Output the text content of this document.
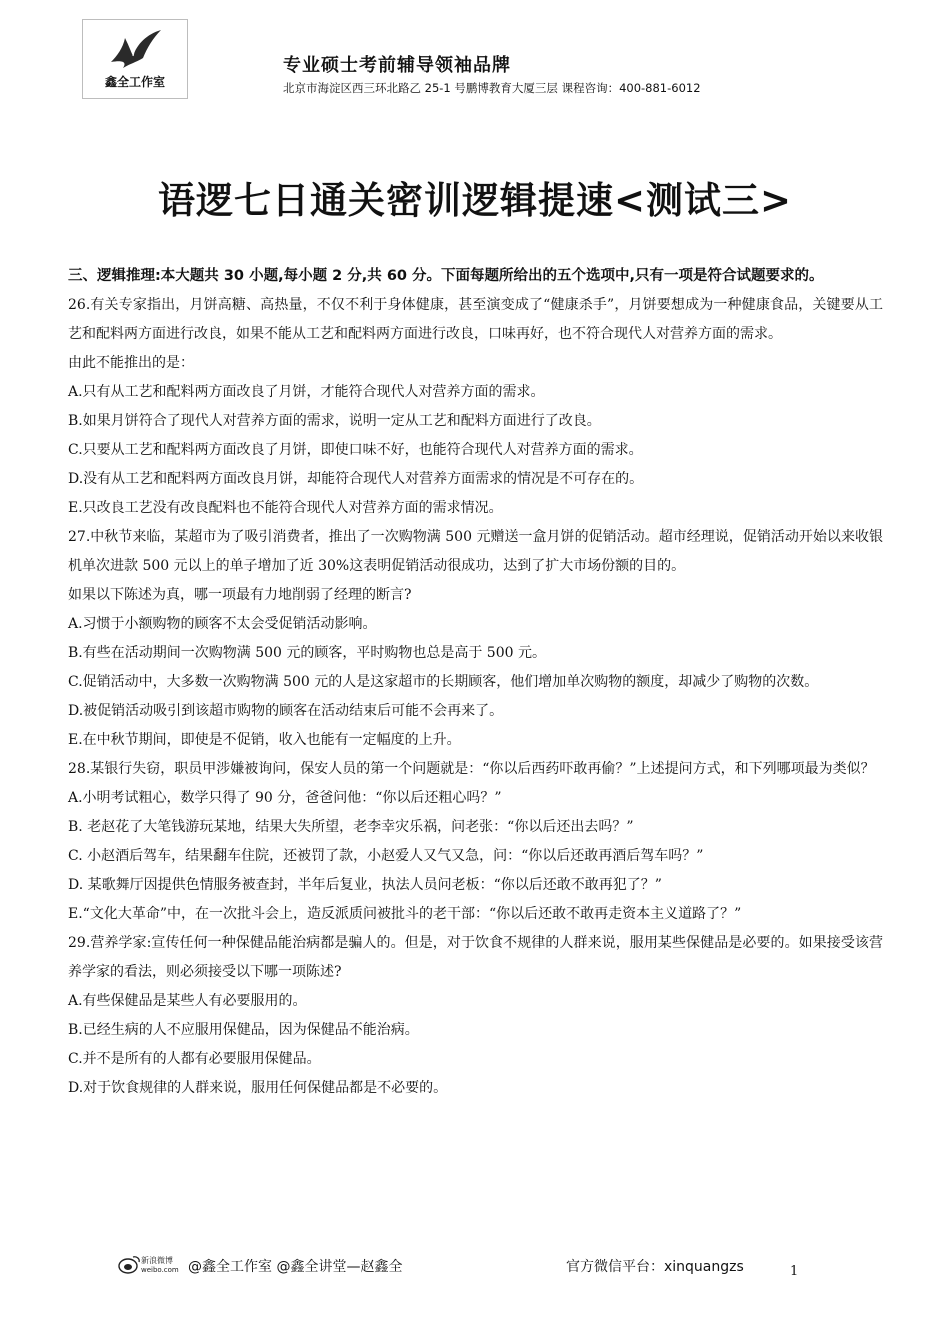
鑫全工作室
专业硕士考前辅导领袖品牌
北京市海淀区西三环北路乙 25-1 号鹏博教育大厦三层 课程咨询：400-881-6012
语逻七日通关密训逻辑提速<测试三>
三、逻辑推理:本大题共 30 小题,每小题 2 分,共 60 分。下面每题所给出的五个选项中,只有一项是符合试题要求的。

26.有关专家指出，月饼高糖、高热量，不仅不利于身体健康，甚至演变成了“健康杀手”，月饼要想成为一种健康食品，关键要从工艺和配料两方面进行改良，如果不能从工艺和配料两方面进行改良，口味再好，也不符合现代人对营养方面的需求。

由此不能推出的是：

A.只有从工艺和配料两方面改良了月饼，才能符合现代人对营养方面的需求。

B.如果月饼符合了现代人对营养方面的需求，说明一定从工艺和配料方面进行了改良。

C.只要从工艺和配料两方面改良了月饼，即使口味不好，也能符合现代人对营养方面的需求。

D.没有从工艺和配料两方面改良月饼，却能符合现代人对营养方面需求的情况是不可存在的。

E.只改良工艺没有改良配料也不能符合现代人对营养方面的需求情况。

27.中秋节来临，某超市为了吸引消费者，推出了一次购物满 500 元赠送一盒月饼的促销活动。超市经理说，促销活动开始以来收银机单次进款 500 元以上的单子增加了近 30%这表明促销活动很成功，达到了扩大市场份额的目的。

如果以下陈述为真，哪一项最有力地削弱了经理的断言?

A.习惯于小额购物的顾客不太会受促销活动影响。

B.有些在活动期间一次购物满 500 元的顾客，平时购物也总是高于 500 元。

C.促销活动中，大多数一次购物满 500 元的人是这家超市的长期顾客，他们增加单次购物的额度，却减少了购物的次数。

D.被促销活动吸引到该超市购物的顾客在活动结束后可能不会再来了。

E.在中秋节期间，即使是不促销，收入也能有一定幅度的上升。

28.某银行失窃，职员甲涉嫌被询问，保安人员的第一个问题就是：“你以后西药吓敢再偷？”上述提问方式，和下列哪项最为类似？

A.小明考试粗心，数学只得了 90 分，爸爸问他：“你以后还粗心吗？”

B. 老赵花了大笔钱游玩某地，结果大失所望，老李幸灾乐祸，问老张：“你以后还出去吗？”

C. 小赵酒后驾车，结果翻车住院，还被罚了款，小赵爱人又气又急，问：“你以后还敢再酒后驾车吗？”

D. 某歌舞厅因提供色情服务被查封，半年后复业，执法人员问老板：“你以后还敢不敢再犯了？”

E.“文化大革命”中，在一次批斗会上，造反派质问被批斗的老干部：“你以后还敢不敢再走资本主义道路了？”

29.营养学家:宣传任何一种保健品能治病都是骗人的。但是，对于饮食不规律的人群来说，服用某些保健品是必要的。如果接受该营养学家的看法，则必须接受以下哪一项陈述?

A.有些保健品是某些人有必要服用的。

B.已经生病的人不应服用保健品，因为保健品不能治病。

C.并不是所有的人都有必要服用保健品。

D.对于饮食规律的人群来说，服用任何保健品都是不必要的。

新浪微博
weibo.com @鑫全工作室 @鑫全讲堂—赵鑫全	官方微信平台：xinquangzs	1
